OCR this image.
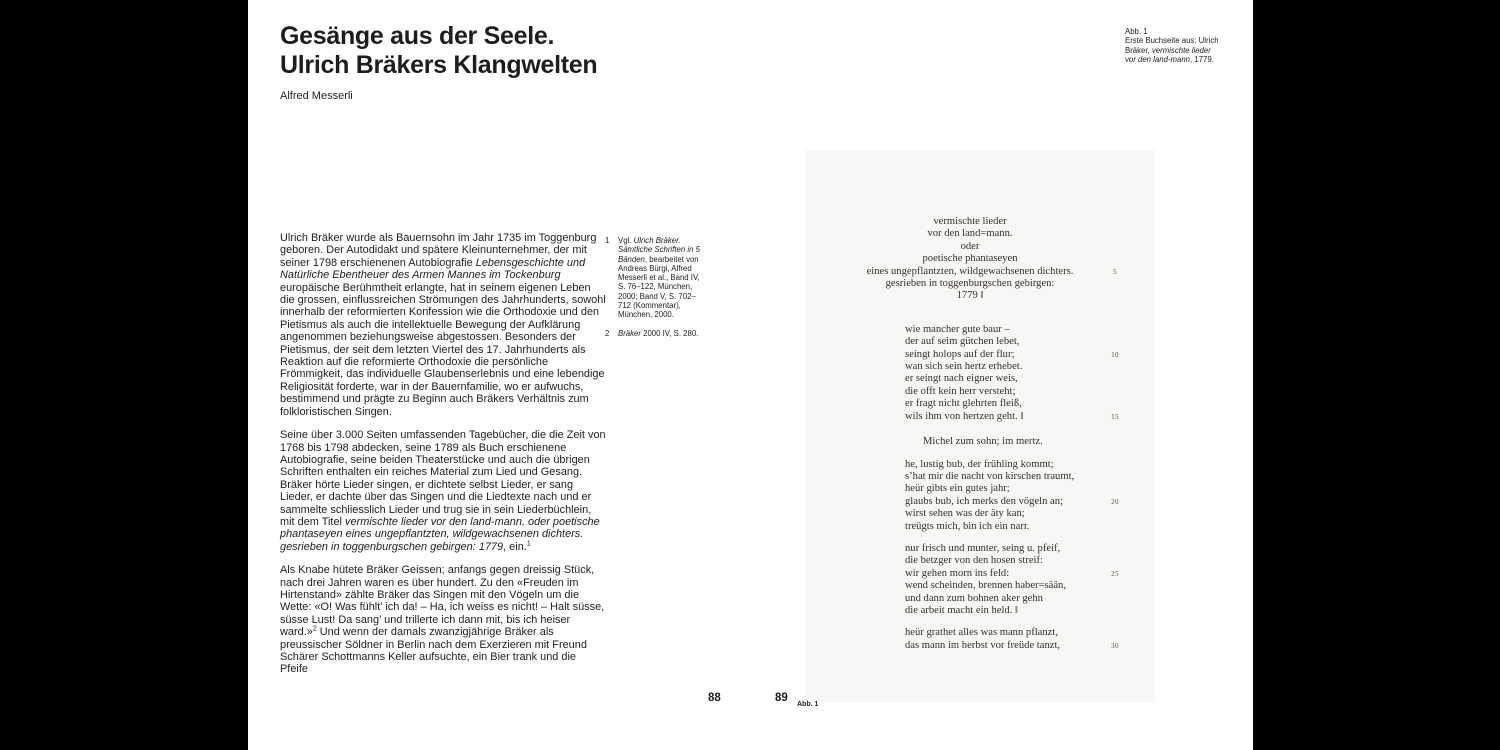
Gesänge aus der Seele.
Ulrich Bräkers Klangwelten
Alfred Messerli
Abb. 1
Erste Buchseite aus: Ulrich
Bräker, vermischte lieder
vor den land-mann, 1779.
Ulrich Bräker wurde als Bauernsohn im Jahr 1735 im Toggenburg geboren. Der Autodidakt und spätere Kleinunternehmer, der mit seiner 1798 erschienenen Autobiografie Lebensgeschichte und Natürliche Ebentheuer des Armen Mannes im Tockenburg europäische Berühmtheit erlangte, hat in seinem eigenen Leben die grossen, einflussreichen Strömungen des Jahrhunderts, sowohl innerhalb der reformierten Konfession wie die Orthodoxie und den Pietismus als auch die intellektuelle Bewegung der Aufklärung angenommen beziehungsweise abgestossen. Besonders der Pietismus, der seit dem letzten Viertel des 17. Jahrhunderts als Reaktion auf die reformierte Orthodoxie die persönliche Frömmigkeit, das individuelle Glaubenserlebnis und eine lebendige Religiosität forderte, war in der Bauernfamilie, wo er aufwuchs, bestimmend und prägte zu Beginn auch Bräkers Verhältnis zum folkloristischen Singen.
Seine über 3.000 Seiten umfassenden Tagebücher, die die Zeit von 1768 bis 1798 abdecken, seine 1789 als Buch erschienene Autobiografie, seine beiden Theaterstücke und auch die übrigen Schriften enthalten ein reiches Material zum Lied und Gesang. Bräker hörte Lieder singen, er dichtete selbst Lieder, er sang Lieder, er dachte über das Singen und die Liedtexte nach und er sammelte schliesslich Lieder und trug sie in sein Liederbüchlein, mit dem Titel vermischte lieder vor den land-mann. oder poetische phantaseyen eines ungepflantzten, wildgewachsenen dichters. gesrieben in toggenburgschen gebirgen: 1779, ein.$^1$
Als Knabe hütete Bräker Geissen; anfangs gegen dreissig Stück, nach drei Jahren waren es über hundert. Zu den «Freuden im Hirtenstand» zählte Bräker das Singen mit den Vögeln um die Wette: «O! Was fühlt’ ich da! – Ha, ich weiss es nicht! – Halt süsse, süsse Lust! Da sang’ und trillerte ich dann mit, bis ich heiser ward.»$^2$ Und wenn der damals zwanzigjährige Bräker als preussischer Söldner in Berlin nach dem Exerzieren mit Freund Schärer Schottmanns Keller aufsuchte, ein Bier trank und die Pfeife
1 Vgl. Ulrich Bräker. Sämtliche Schriften in 5 Bänden, bearbeitet von Andreas Bürgi, Alfred Messerli et al., Band IV, S. 76–122, München, 2000; Band V, S. 702–712 (Kommentar), München, 2000.
2 Bräker 2000 IV, S. 280.
vermischte lieder
vor den land=mann.
oder
poetische phantaseyen
eines ungepflantzten, wildgewachsenen dichters.	5
gesrieben in toggenburgschen gebirgen:
1779 ‖
wie mancher gute baur –
der auf seim gütchen lebet,
seingt holops auf der flur;	10
wan sich sein hertz erhebet.
er seingt nach eigner weis,
die offt kein herr versteht;
er fragt nicht glehrten fleiß,
wils ihm von hertzen geht. ‖	15
Michel zum sohn; im mertz.
he, lustig bub, der frühling kommt;
s’hat mir die nacht von kirschen traumt,
heür gibts ein gutes jahr;
glaubs bub, ich merks den vögeln an;	20
wirst sehen was der äty kan;
treügts mich, bin ich ein narr.
nur frisch und munter, seing u. pfeif,
die betzger von den hosen streif:
wir gehen morn ins feld:	25
wend scheinden, brennen haber=sään,
und dann zum bohnen aker gehn
die arbeit macht ein held. ‖
heür grathet alles was mann pflanzt,
das mann im herbst vor freüde tanzt,	30
88	89
Abb. 1
